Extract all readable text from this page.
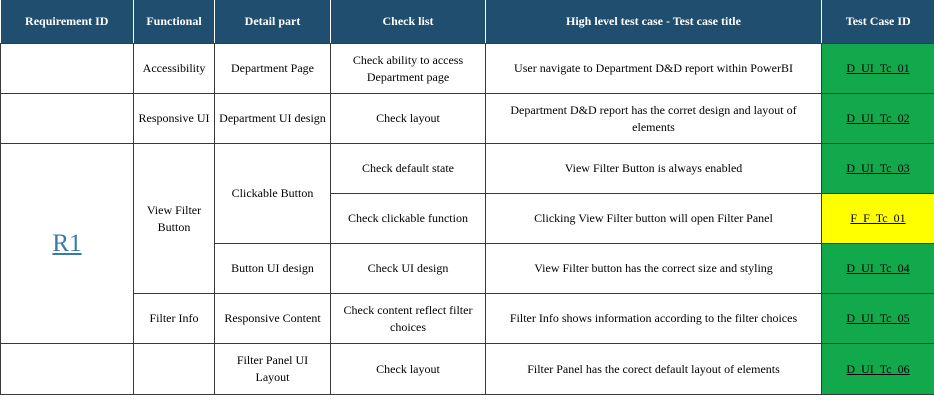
Requirement ID	Functional	Detail part	Check list	High level test case - Test case title	Test Case ID
	Accessibility	Department Page	Check ability to access Department page	User navigate to Department D&D report within PowerBI	D_UI_Tc_01
	Responsive UI	Department UI design	Check layout	Department D&D report has the corret design and layout of elements	D_UI_Tc_02
R1	View Filter Button	Clickable Button	Check default state	View Filter Button is always enabled	D_UI_Tc_03
			Check clickable function	Clicking View Filter button will open Filter Panel	F_F_Tc_01
		Button UI design	Check UI design	View Filter button has the correct size and styling	D_UI_Tc_04
	Filter Info	Responsive Content	Check content reflect filter choices	Filter Info shows information according to the filter choices	D_UI_Tc_05
		Filter Panel UI Layout	Check layout	Filter Panel has the corect default layout of elements	D_UI_Tc_06
